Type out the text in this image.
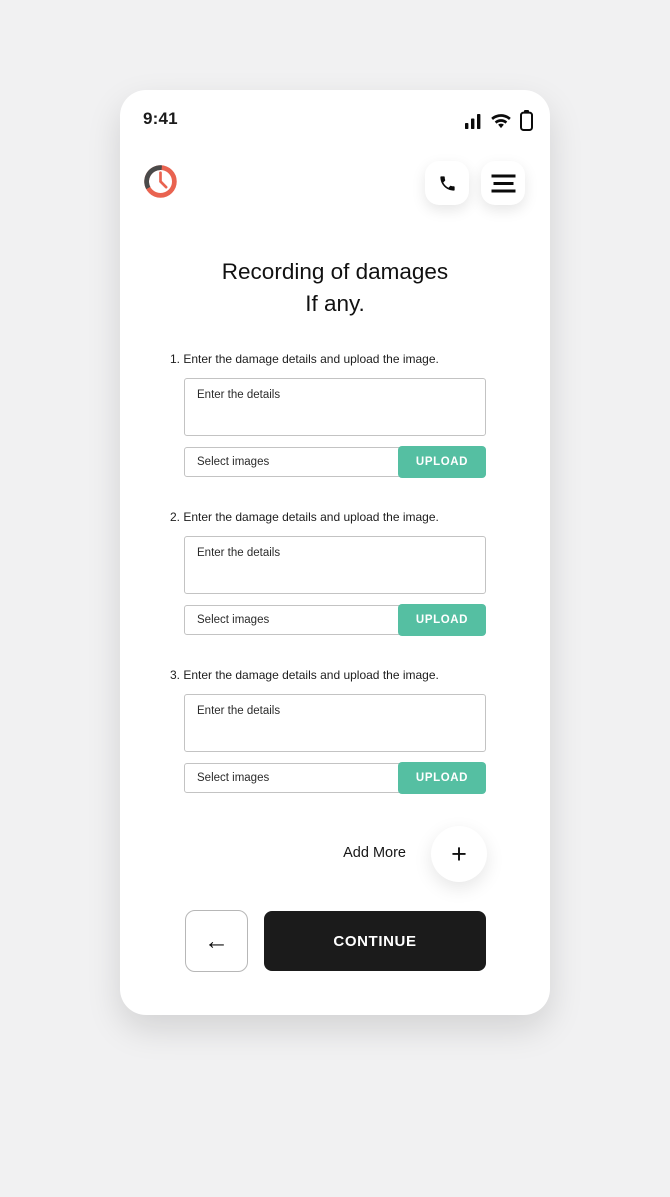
9:41
Recording of damages
If any.
1. Enter the damage details and upload the image.
Enter the details
Select images
UPLOAD
2. Enter the damage details and upload the image.
Enter the details
Select images
UPLOAD
3. Enter the damage details and upload the image.
Enter the details
Select images
UPLOAD
Add More +
←	CONTINUE
